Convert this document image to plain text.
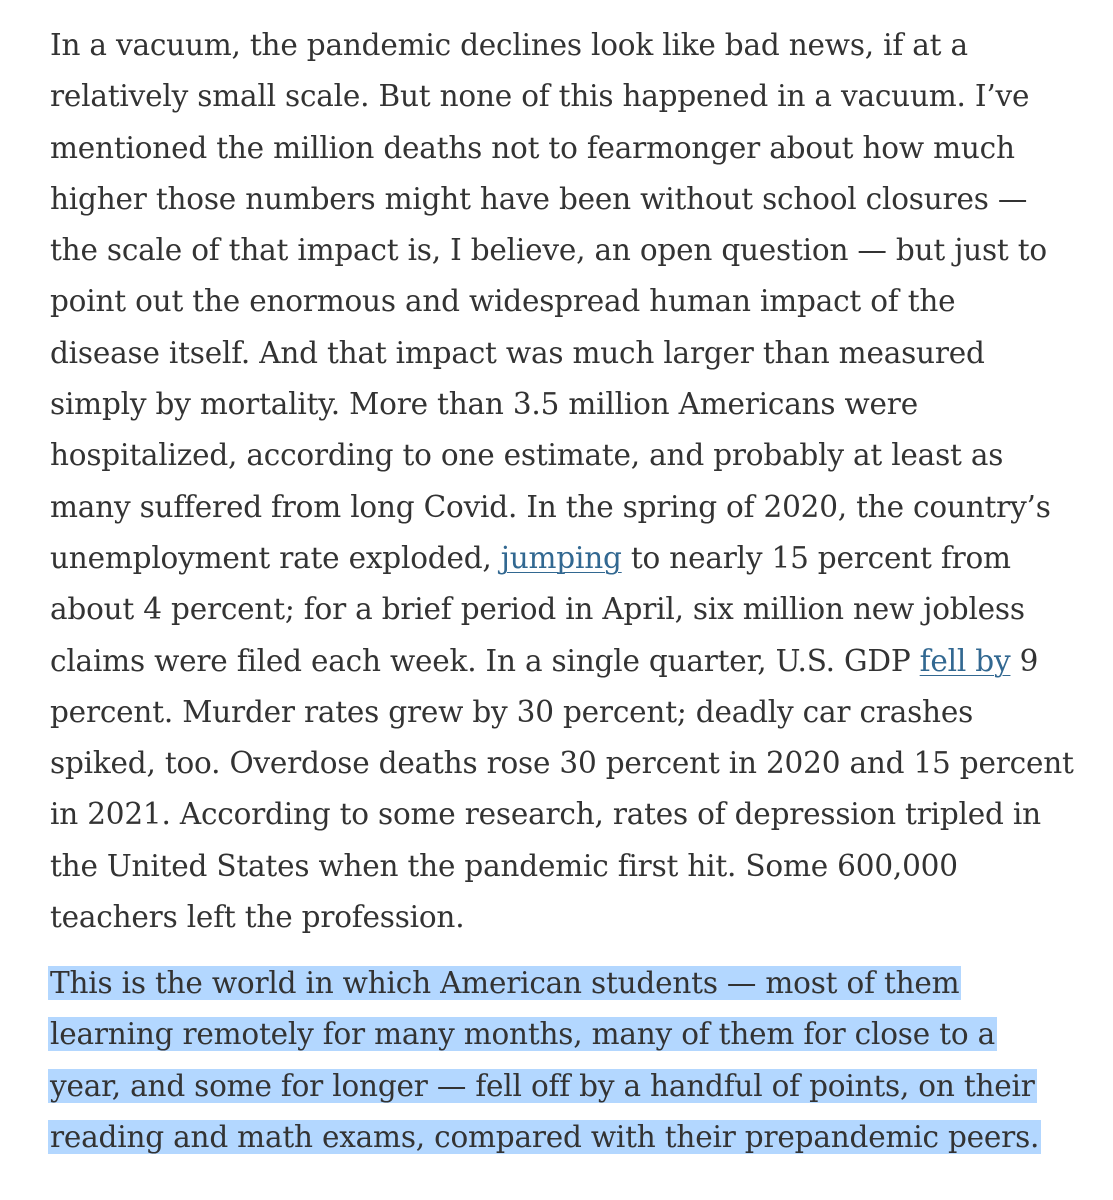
In a vacuum, the pandemic declines look like bad news, if at a
relatively small scale. But none of this happened in a vacuum. I’ve
mentioned the million deaths not to fearmonger about how much
higher those numbers might have been without school closures —
the scale of that impact is, I believe, an open question — but just to
point out the enormous and widespread human impact of the
disease itself. And that impact was much larger than measured
simply by mortality. More than 3.5 million Americans were
hospitalized, according to one estimate, and probably at least as
many suffered from long Covid. In the spring of 2020, the country’s
unemployment rate exploded, jumping to nearly 15 percent from
about 4 percent; for a brief period in April, six million new jobless
claims were filed each week. In a single quarter, U.S. GDP fell by 9
percent. Murder rates grew by 30 percent; deadly car crashes
spiked, too. Overdose deaths rose 30 percent in 2020 and 15 percent
in 2021. According to some research, rates of depression tripled in
the United States when the pandemic first hit. Some 600,000
teachers left the profession.
This is the world in which American students — most of them
learning remotely for many months, many of them for close to a
year, and some for longer — fell off by a handful of points, on their
reading and math exams, compared with their prepandemic peers.
